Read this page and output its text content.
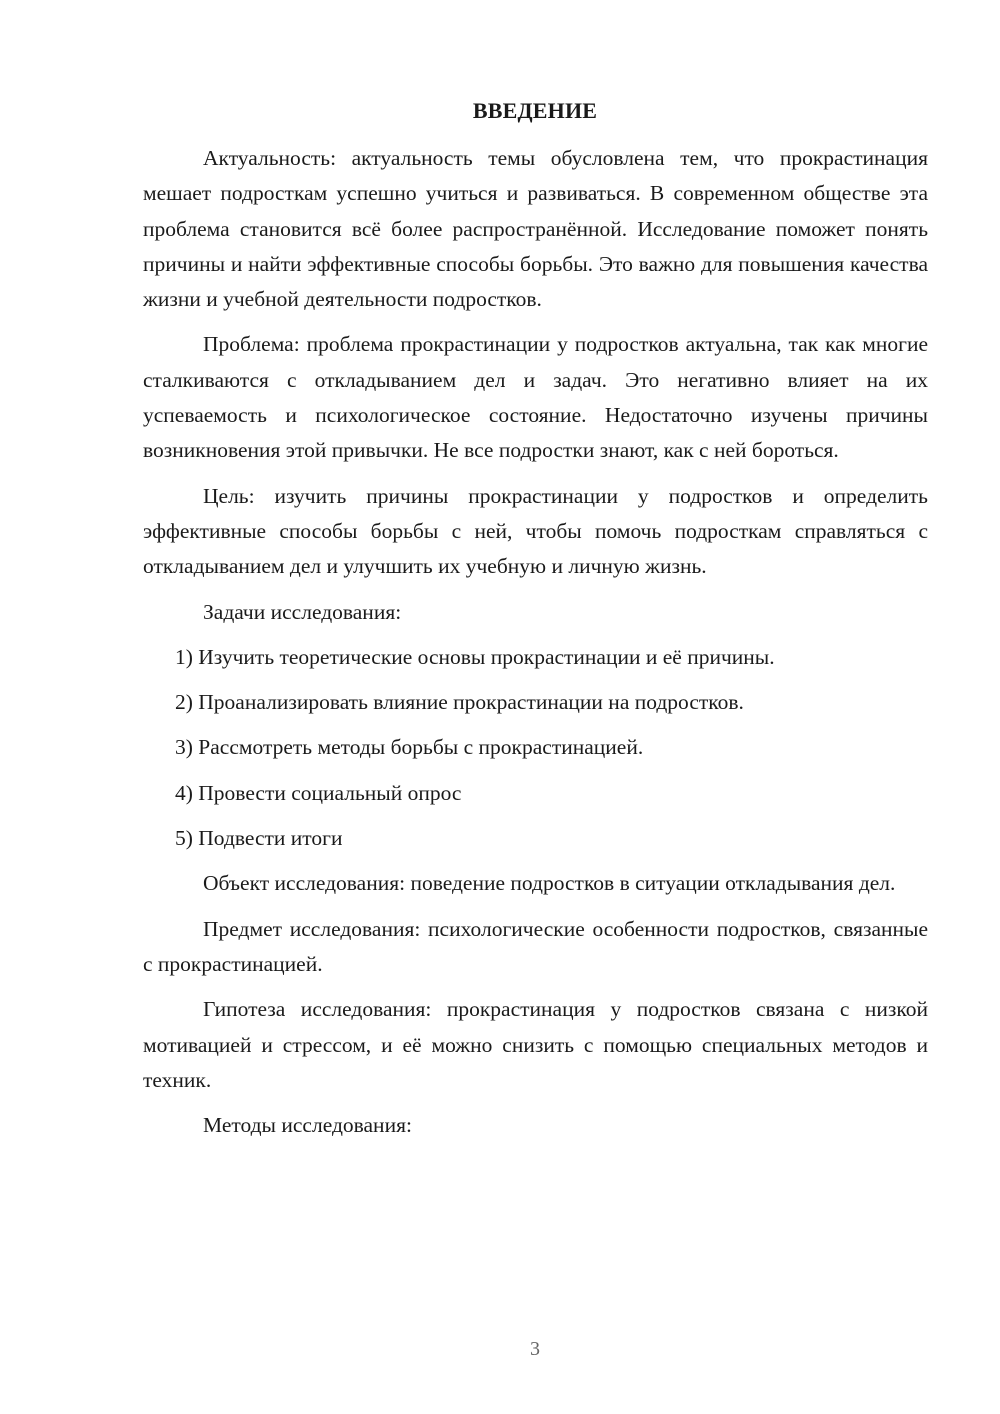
ВВЕДЕНИЕ

Актуальность: актуальность темы обусловлена тем, что прокрастинация мешает подросткам успешно учиться и развиваться. В современном обществе эта проблема становится всё более распространённой. Исследование поможет понять причины и найти эффективные способы борьбы. Это важно для повышения качества жизни и учебной деятельности подростков.

Проблема: проблема прокрастинации у подростков актуальна, так как многие сталкиваются с откладыванием дел и задач. Это негативно влияет на их успеваемость и психологическое состояние. Недостаточно изучены причины возникновения этой привычки. Не все подростки знают, как с ней бороться.

Цель: изучить причины прокрастинации у подростков и определить эффективные способы борьбы с ней, чтобы помочь подросткам справляться с откладыванием дел и улучшить их учебную и личную жизнь.

Задачи исследования:

1) Изучить теоретические основы прокрастинации и её причины.

2) Проанализировать влияние прокрастинации на подростков.

3) Рассмотреть методы борьбы с прокрастинацией.

4) Провести социальный опрос

5) Подвести итоги

Объект исследования: поведение подростков в ситуации откладывания дел.

Предмет исследования: психологические особенности подростков, связанные с прокрастинацией.

Гипотеза исследования: прокрастинация у подростков связана с низкой мотивацией и стрессом, и её можно снизить с помощью специальных методов и техник.

Методы исследования:

3
